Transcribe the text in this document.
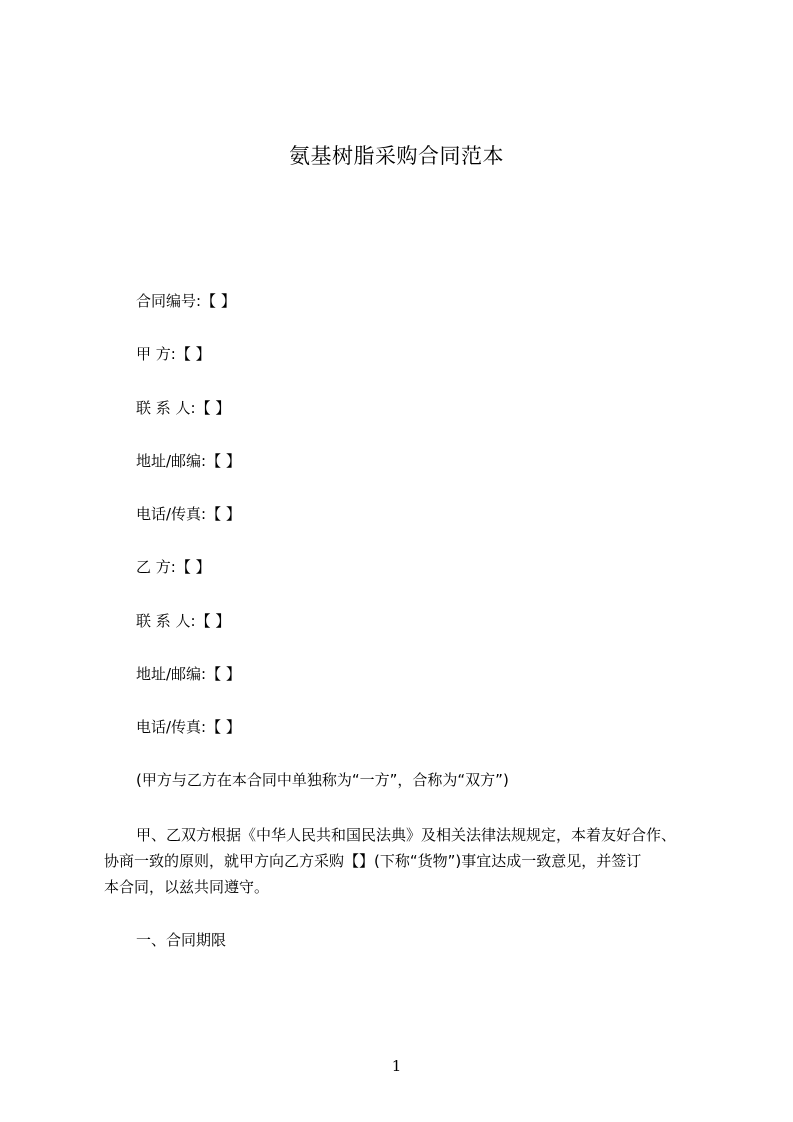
氨基树脂采购合同范本
合同编号:【 】
甲 方:【 】
联 系 人:【 】
地址/邮编:【 】
电话/传真:【 】
乙 方:【 】
联 系 人:【 】
地址/邮编:【 】
电话/传真:【 】
(甲方与乙方在本合同中单独称为“一方”，合称为“双方”)
甲、乙双方根据《中华人民共和国民法典》及相关法律法规规定，本着友好合作、
协商一致的原则，就甲方向乙方采购【】(下称“货物”)事宜达成一致意见，并签订
本合同，以兹共同遵守。
一、合同期限
1
